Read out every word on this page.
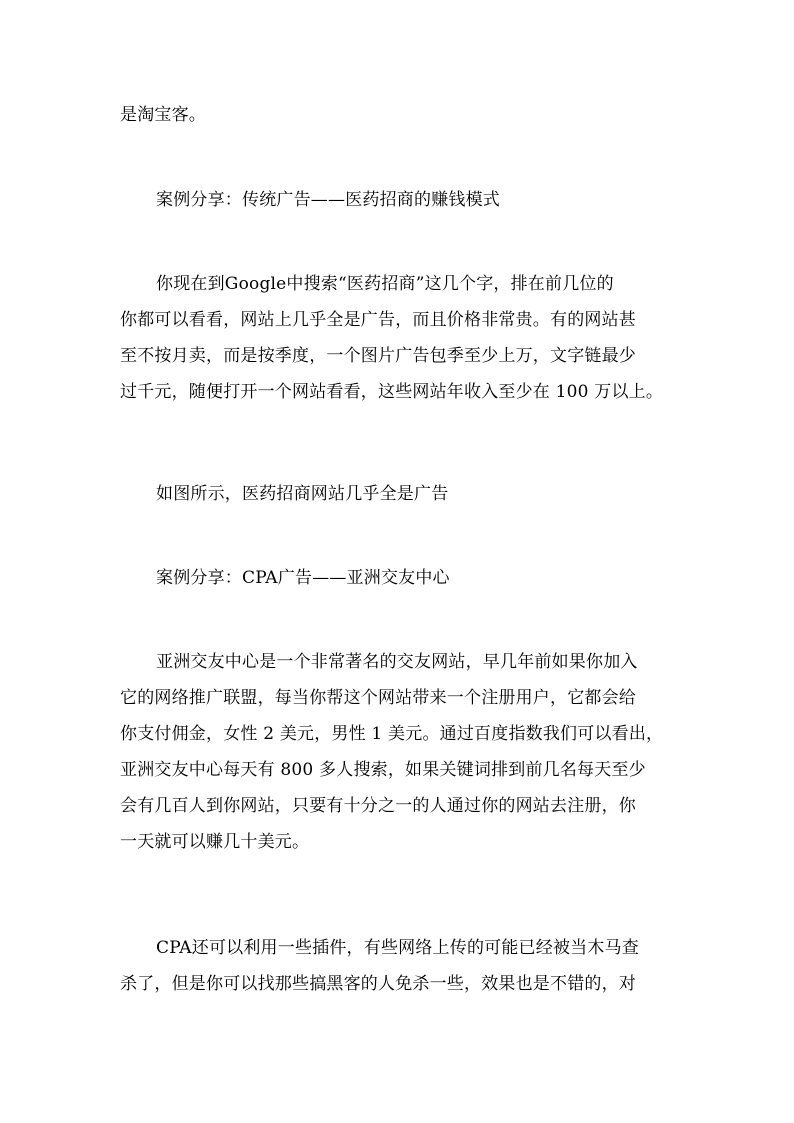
是淘宝客。

案例分享：传统广告——医药招商的赚钱模式

你现在到Google中搜索“医药招商”这几个字，排在前几位的
你都可以看看，网站上几乎全是广告，而且价格非常贵。有的网站甚
至不按月卖，而是按季度，一个图片广告包季至少上万，文字链最少
过千元，随便打开一个网站看看，这些网站年收入至少在 100 万以上。

如图所示，医药招商网站几乎全是广告

案例分享：CPA广告——亚洲交友中心

亚洲交友中心是一个非常著名的交友网站，早几年前如果你加入
它的网络推广联盟，每当你帮这个网站带来一个注册用户，它都会给
你支付佣金，女性 2 美元，男性 1 美元。通过百度指数我们可以看出，
亚洲交友中心每天有 800 多人搜索，如果关键词排到前几名每天至少
会有几百人到你网站，只要有十分之一的人通过你的网站去注册，你
一天就可以赚几十美元。

CPA还可以利用一些插件，有些网络上传的可能已经被当木马查
杀了，但是你可以找那些搞黑客的人免杀一些，效果也是不错的，对
